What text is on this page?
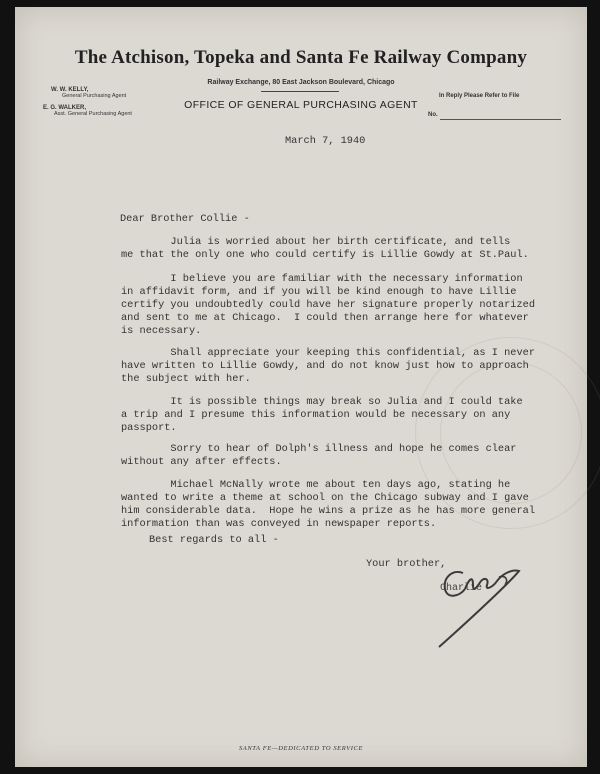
The Atchison, Topeka and Santa Fe Railway Company
Railway Exchange, 80 East Jackson Boulevard, Chicago
OFFICE OF GENERAL PURCHASING AGENT
W. W. KELLY,
General Purchasing Agent
E. G. WALKER,
Asst. General Purchasing Agent
In Reply Please Refer to File
No.
March 7, 1940
Dear Brother Collie -
Julia is worried about her birth certificate, and tells
me that the only one who could certify is Lillie Gowdy at St.Paul.
I believe you are familiar with the necessary information
in affidavit form, and if you will be kind enough to have Lillie
certify you undoubtedly could have her signature properly notarized
and sent to me at Chicago.  I could then arrange here for whatever
is necessary.
Shall appreciate your keeping this confidential, as I never
have written to Lillie Gowdy, and do not know just how to approach
the subject with her.
It is possible things may break so Julia and I could take
a trip and I presume this information would be necessary on any
passport.
Sorry to hear of Dolph's illness and hope he comes clear
without any after effects.
Michael McNally wrote me about ten days ago, stating he
wanted to write a theme at school on the Chicago subway and I gave
him considerable data.  Hope he wins a prize as he has more general
information than was conveyed in newspaper reports.
Best regards to all -
Your brother,
Charlie
SANTA FE—DEDICATED TO SERVICE
